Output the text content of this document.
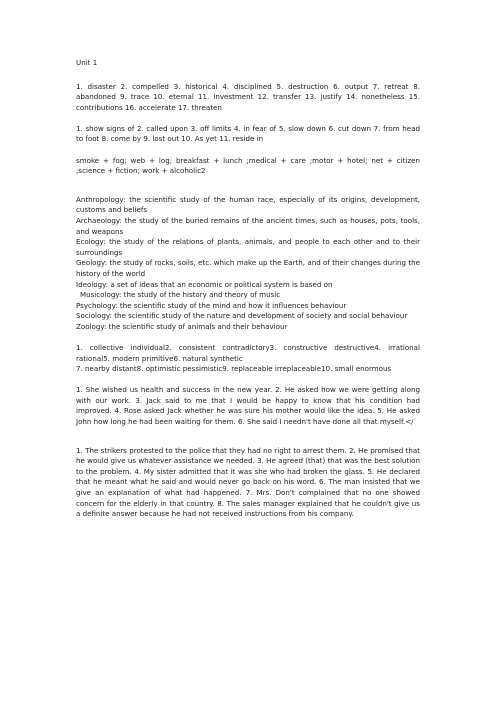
Unit 1
1. disaster 2. compelled 3. historical 4. disciplined 5. destruction 6. output 7. retreat 8. abandoned 9. trace 10. eternal 11. investment 12. transfer 13. justify 14. nonetheless 15. contributions 16. accelerate 17. threaten
1. show signs of 2. called upon 3. off limits 4. in fear of 5. slow down 6. cut down 7. from head to foot 8. come by 9. lost out 10. As yet 11. reside in
smoke + fog; web + log; breakfast + lunch ;medical + care ;motor + hotel; net + citizen ;science + fiction; work + alcoholic2
Anthropology: the scientific study of the human race, especially of its origins, development, customs and beliefs
Archaeology: the study of the buried remains of the ancient times, such as houses, pots, tools, and weapons
Ecology: the study of the relations of plants, animals, and people to each other and to their surroundings
Geology: the study of rocks, soils, etc. which make up the Earth, and of their changes during the history of the world
Ideology: a set of ideas that an economic or political system is based on
Musicology: the study of the history and theory of music
Psychology: the scientific study of the mind and how it influences behaviour
Sociology: the scientific study of the nature and development of society and social behaviour
Zoology: the scientific study of animals and their behaviour
1. collective individual2. consistent contradictory3. constructive destructive4. irrational rational5. modern primitive6. natural synthetic
7. nearby distant8. optimistic pessimistic9. replaceable irreplaceable10. small enormous
1. She wished us health and success in the new year. 2. He asked how we were getting along with our work. 3. Jack said to me that I would be happy to know that his condition had improved. 4. Rose asked Jack whether he was sure his mother would like the idea. 5. He asked John how long he had been waiting for them. 6. She said I needn't have done all that myself.</
1. The strikers protested to the police that they had no right to arrest them. 2. He promised that he would give us whatever assistance we needed. 3. He agreed (that) that was the best solution to the problem. 4. My sister admitted that it was she who had broken the glass. 5. He declared that he meant what he said and would never go back on his word. 6. The man insisted that we give an explanation of what had happened. 7. Mrs. Don't complained that no one showed concern for the elderly in that country. 8. The sales manager explained that he couldn't give us a definite answer because he had not received instructions from his company.
